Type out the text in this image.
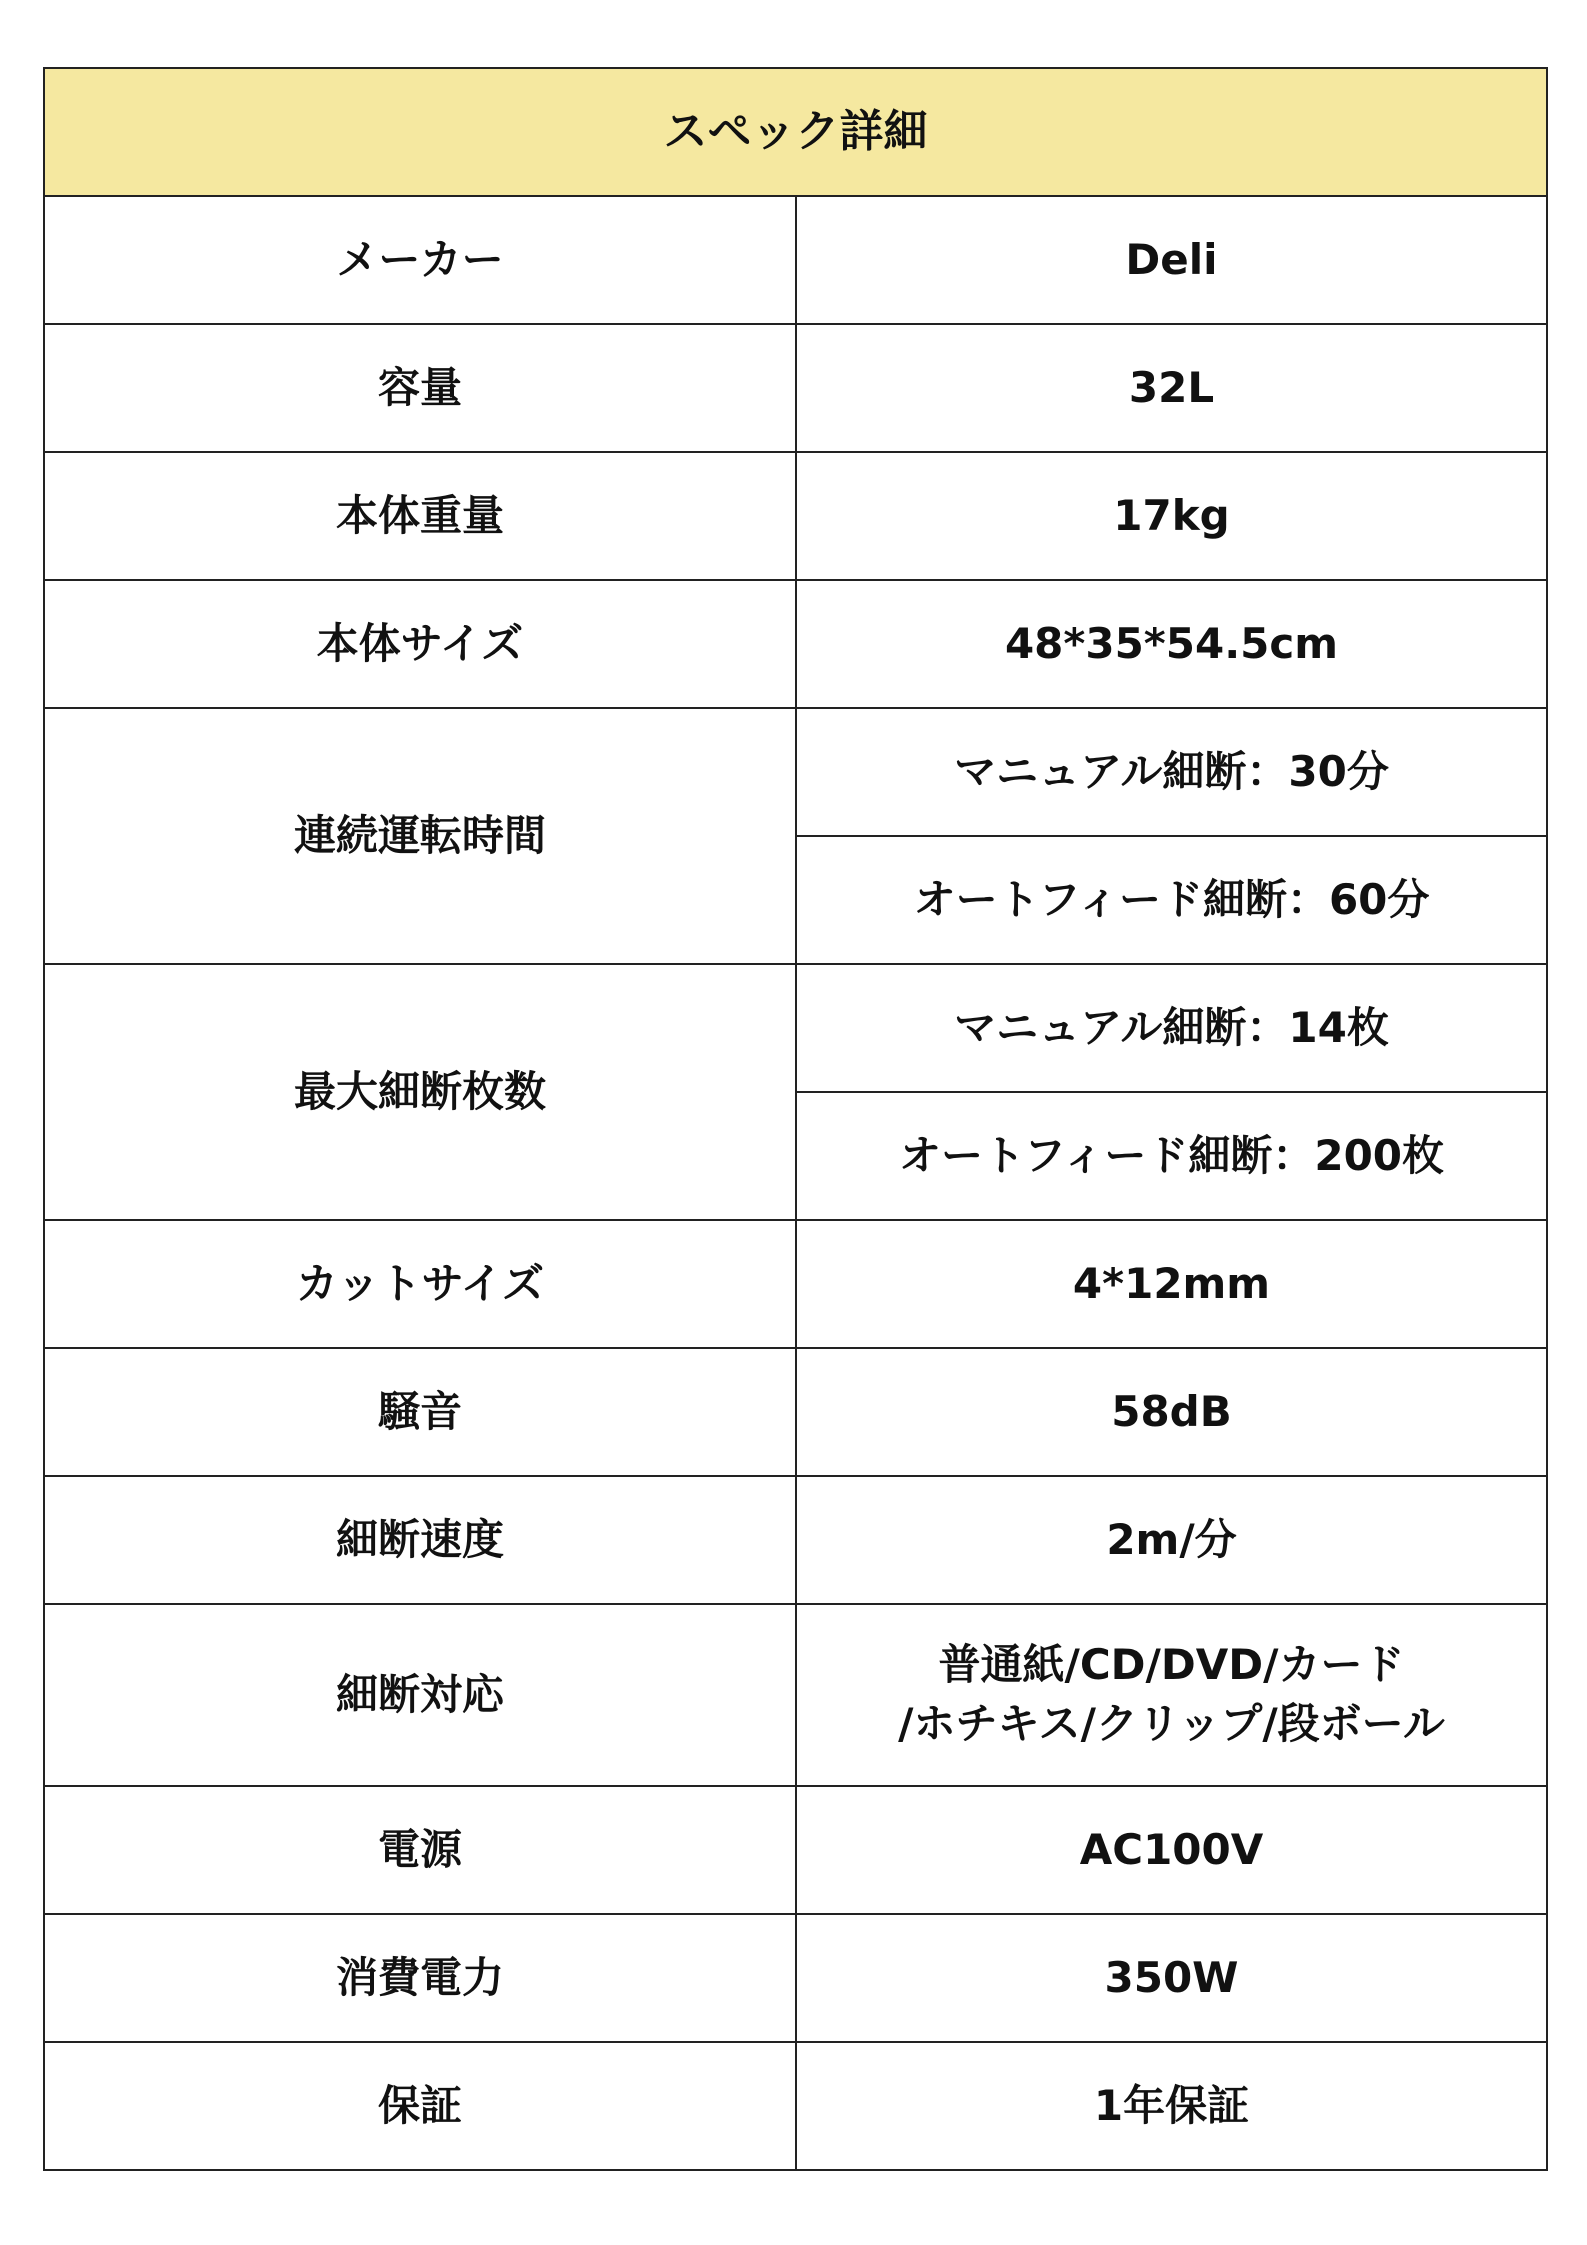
スペック詳細	
メーカー	Deli
容量	32L
本体重量	17kg
本体サイズ	48*35*54.5cm
連続運転時間	マニュアル細断：30分
	オートフィード細断：60分
最大細断枚数	マニュアル細断：14枚
	オートフィード細断：200枚
カットサイズ	4*12mm
騒音	58dB
細断速度	2m/分
細断対応	普通紙/CD/DVD/カード
/ホチキス/クリップ/段ボール

電源	AC100V
消費電力	350W
保証	1年保証
